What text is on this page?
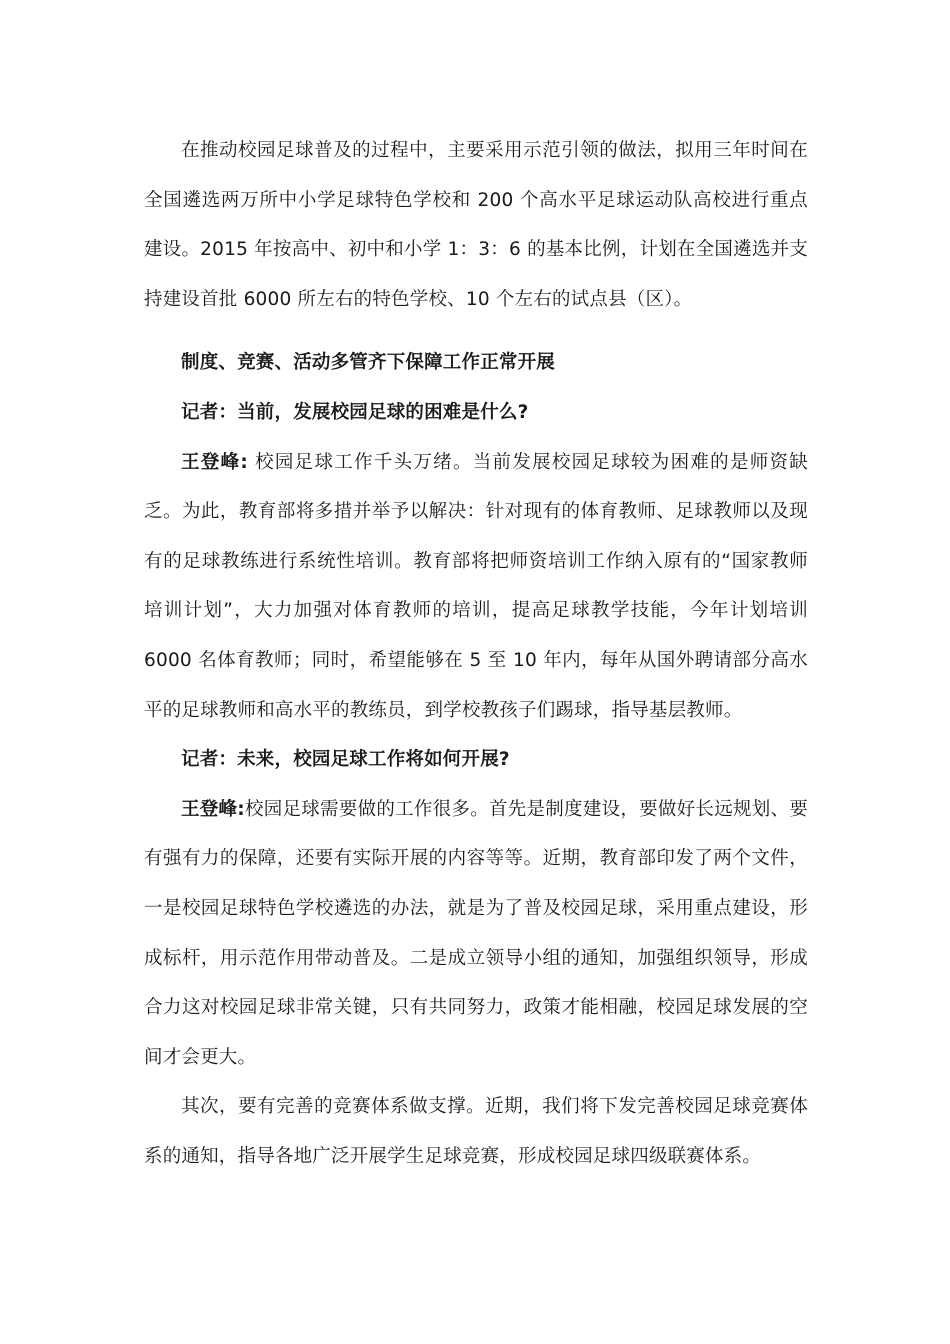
在推动校园足球普及的过程中，主要采用示范引领的做法，拟用三年时间在全国遴选两万所中小学足球特色学校和 200 个高水平足球运动队高校进行重点建设。2015 年按高中、初中和小学 1：3：6 的基本比例，计划在全国遴选并支持建设首批 6000 所左右的特色学校、10 个左右的试点县（区）。

制度、竞赛、活动多管齐下保障工作正常开展

记者：当前，发展校园足球的困难是什么?

王登峰: 校园足球工作千头万绪。当前发展校园足球较为困难的是师资缺乏。为此，教育部将多措并举予以解决：针对现有的体育教师、足球教师以及现有的足球教练进行系统性培训。教育部将把师资培训工作纳入原有的“国家教师培训计划”，大力加强对体育教师的培训，提高足球教学技能，今年计划培训 6000 名体育教师；同时，希望能够在 5 至 10 年内，每年从国外聘请部分高水平的足球教师和高水平的教练员，到学校教孩子们踢球，指导基层教师。

记者：未来，校园足球工作将如何开展?

王登峰:校园足球需要做的工作很多。首先是制度建设，要做好长远规划、要有强有力的保障，还要有实际开展的内容等等。近期，教育部印发了两个文件，一是校园足球特色学校遴选的办法，就是为了普及校园足球，采用重点建设，形成标杆，用示范作用带动普及。二是成立领导小组的通知，加强组织领导，形成合力这对校园足球非常关键，只有共同努力，政策才能相融，校园足球发展的空间才会更大。

其次，要有完善的竞赛体系做支撑。近期，我们将下发完善校园足球竞赛体系的通知，指导各地广泛开展学生足球竞赛，形成校园足球四级联赛体系。
